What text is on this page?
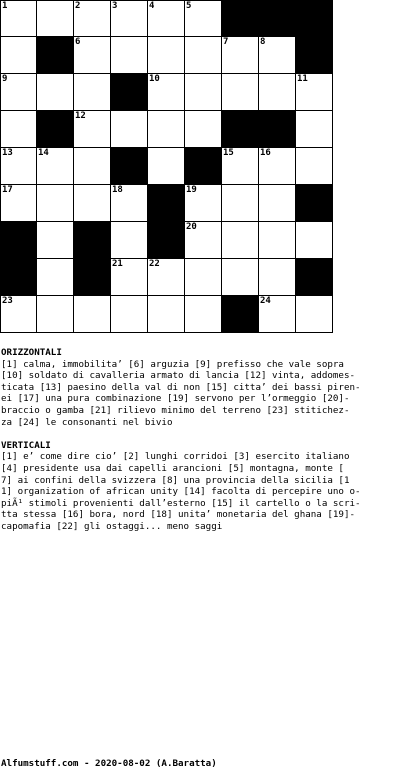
1	2	3	4	5
6	7	8
9	10	11
12
13	14	15	16
17	18	19
20
21	22
23	24
ORIZZONTALI

[1] calma, immobilita’ [6] arguzia [9] prefisso che vale sopra
[10] soldato di cavalleria armato di lancia [12] vinta, addomes-
ticata [13] paesino della val di non [15] citta’ dei bassi piren-
ei [17] una pura combinazione [19] servono per l’ormeggio [20]-
braccio o gamba [21] rilievo minimo del terreno [23] stitichez-
za [24] le consonanti nel bivio

VERTICALI

[1] e’ come dire cio’ [2] lunghi corridoi [3] esercito italiano
[4] presidente usa dai capelli arancioni [5] montagna, monte [
7] ai confini della svizzera [8] una provincia della sicilia [1
1] organization of african unity [14] facolta di percepire uno o-
piÃ¹ stimoli provenienti dall’esterno [15] il cartello o la scri-
tta stessa [16] bora, nord [18] unita’ monetaria del ghana [19]-
capomafia [22] gli ostaggi... meno saggi

Alfumstuff.com - 2020-08-02 (A.Baratta)
